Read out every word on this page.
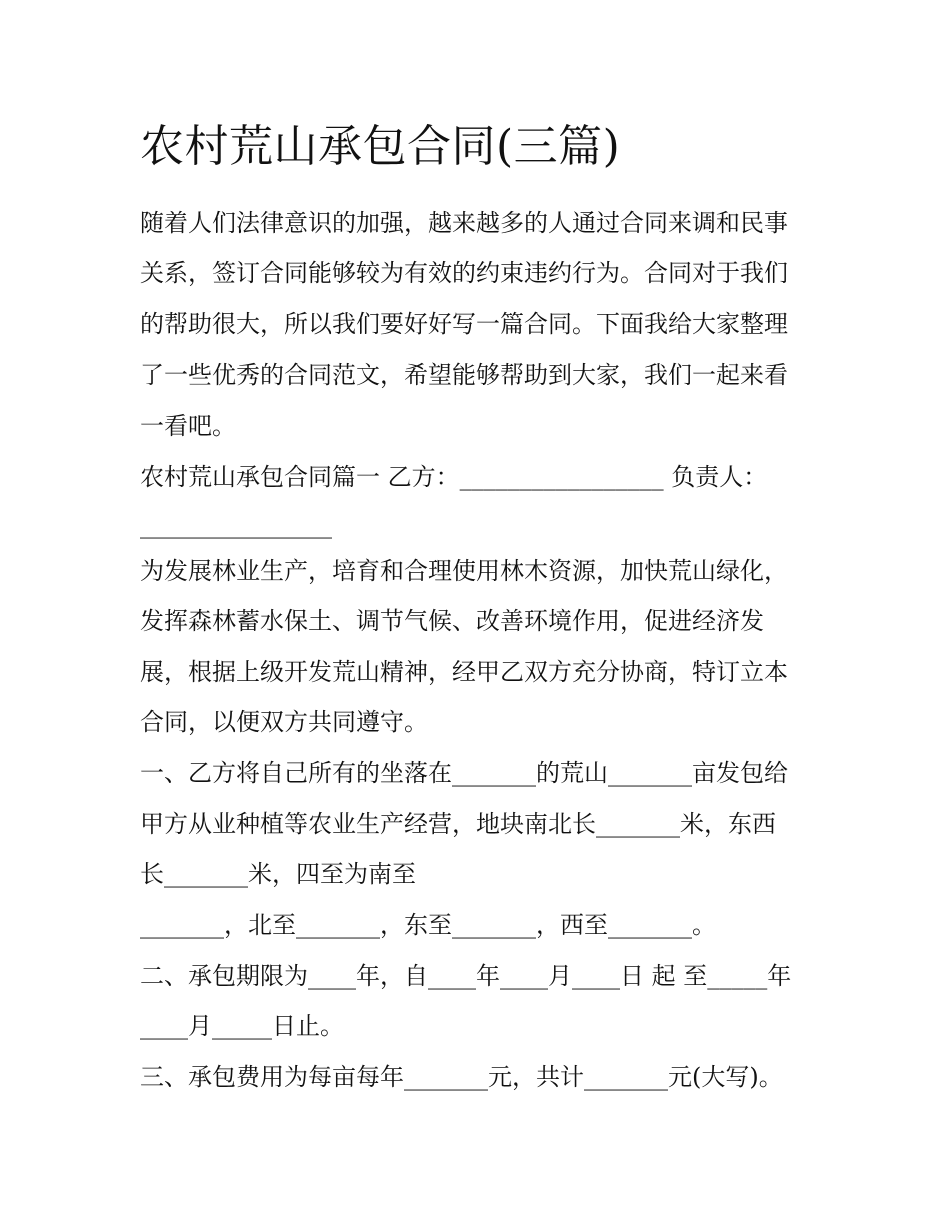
农村荒山承包合同(三篇)

随着人们法律意识的加强，越来越多的人通过合同来调和民事

关系，签订合同能够较为有效的约束违约行为。合同对于我们

的帮助很大，所以我们要好好写一篇合同。下面我给大家整理

了一些优秀的合同范文，希望能够帮助到大家，我们一起来看

一看吧。

农村荒山承包合同篇一 乙方：_________________ 负责人：

________________

为发展林业生产，培育和合理使用林木资源，加快荒山绿化，

发挥森林蓄水保土、调节气候、改善环境作用，促进经济发

展，根据上级开发荒山精神，经甲乙双方充分协商，特订立本

合同，以便双方共同遵守。

一、乙方将自己所有的坐落在_______的荒山_______亩发包给

甲方从业种植等农业生产经营，地块南北长_______米，东西

长_______米，四至为南至

_______，北至_______，东至_______，西至_______。

二、承包期限为____年，自____年____月____日 起 至_____年

____月_____日止。

三、承包费用为每亩每年_______元，共计_______元(大写)。
